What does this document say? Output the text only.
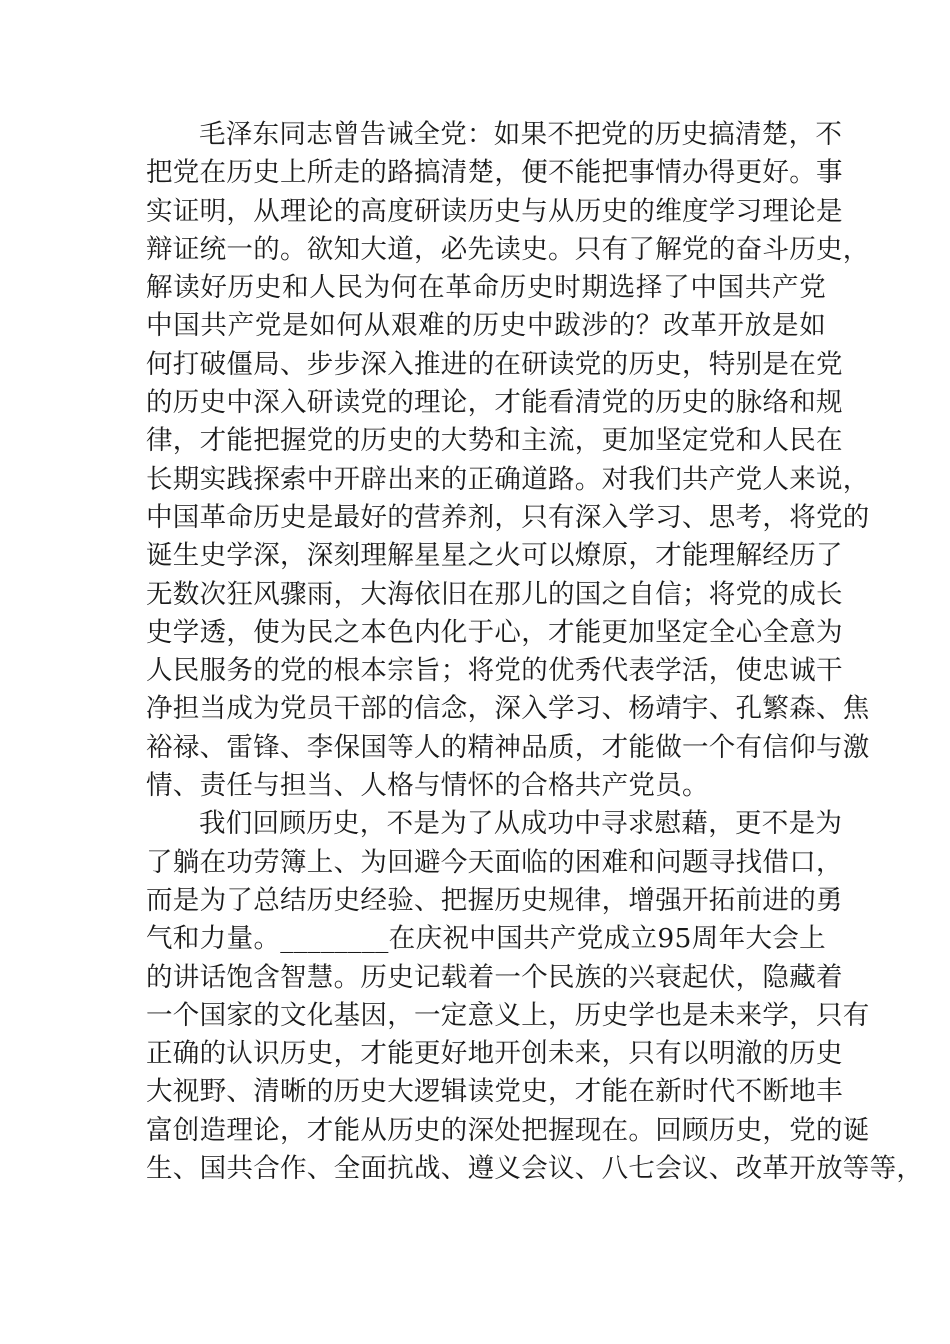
毛泽东同志曾告诫全党：如果不把党的历史搞清楚，不
把党在历史上所走的路搞清楚，便不能把事情办得更好。事
实证明，从理论的高度研读历史与从历史的维度学习理论是
辩证统一的。欲知大道，必先读史。只有了解党的奋斗历史，
解读好历史和人民为何在革命历史时期选择了中国共产党
中国共产党是如何从艰难的历史中跋涉的？改革开放是如
何打破僵局、步步深入推进的在研读党的历史，特别是在党
的历史中深入研读党的理论，才能看清党的历史的脉络和规
律，才能把握党的历史的大势和主流，更加坚定党和人民在
长期实践探索中开辟出来的正确道路。对我们共产党人来说，
中国革命历史是最好的营养剂，只有深入学习、思考，将党的
诞生史学深，深刻理解星星之火可以燎原，才能理解经历了
无数次狂风骤雨，大海依旧在那儿的国之自信；将党的成长
史学透，使为民之本色内化于心，才能更加坚定全心全意为
人民服务的党的根本宗旨；将党的优秀代表学活，使忠诚干
净担当成为党员干部的信念，深入学习、杨靖宇、孔繁森、焦
裕禄、雷锋、李保国等人的精神品质，才能做一个有信仰与激
情、责任与担当、人格与情怀的合格共产党员。
我们回顾历史，不是为了从成功中寻求慰藉，更不是为
了躺在功劳簿上、为回避今天面临的困难和问题寻找借口，
而是为了总结历史经验、把握历史规律，增强开拓前进的勇
气和力量。________在庆祝中国共产党成立95周年大会上
的讲话饱含智慧。历史记载着一个民族的兴衰起伏，隐藏着
一个国家的文化基因，一定意义上，历史学也是未来学，只有
正确的认识历史，才能更好地开创未来，只有以明澈的历史
大视野、清晰的历史大逻辑读党史，才能在新时代不断地丰
富创造理论，才能从历史的深处把握现在。回顾历史，党的诞
生、国共合作、全面抗战、遵义会议、八七会议、改革开放等等，
